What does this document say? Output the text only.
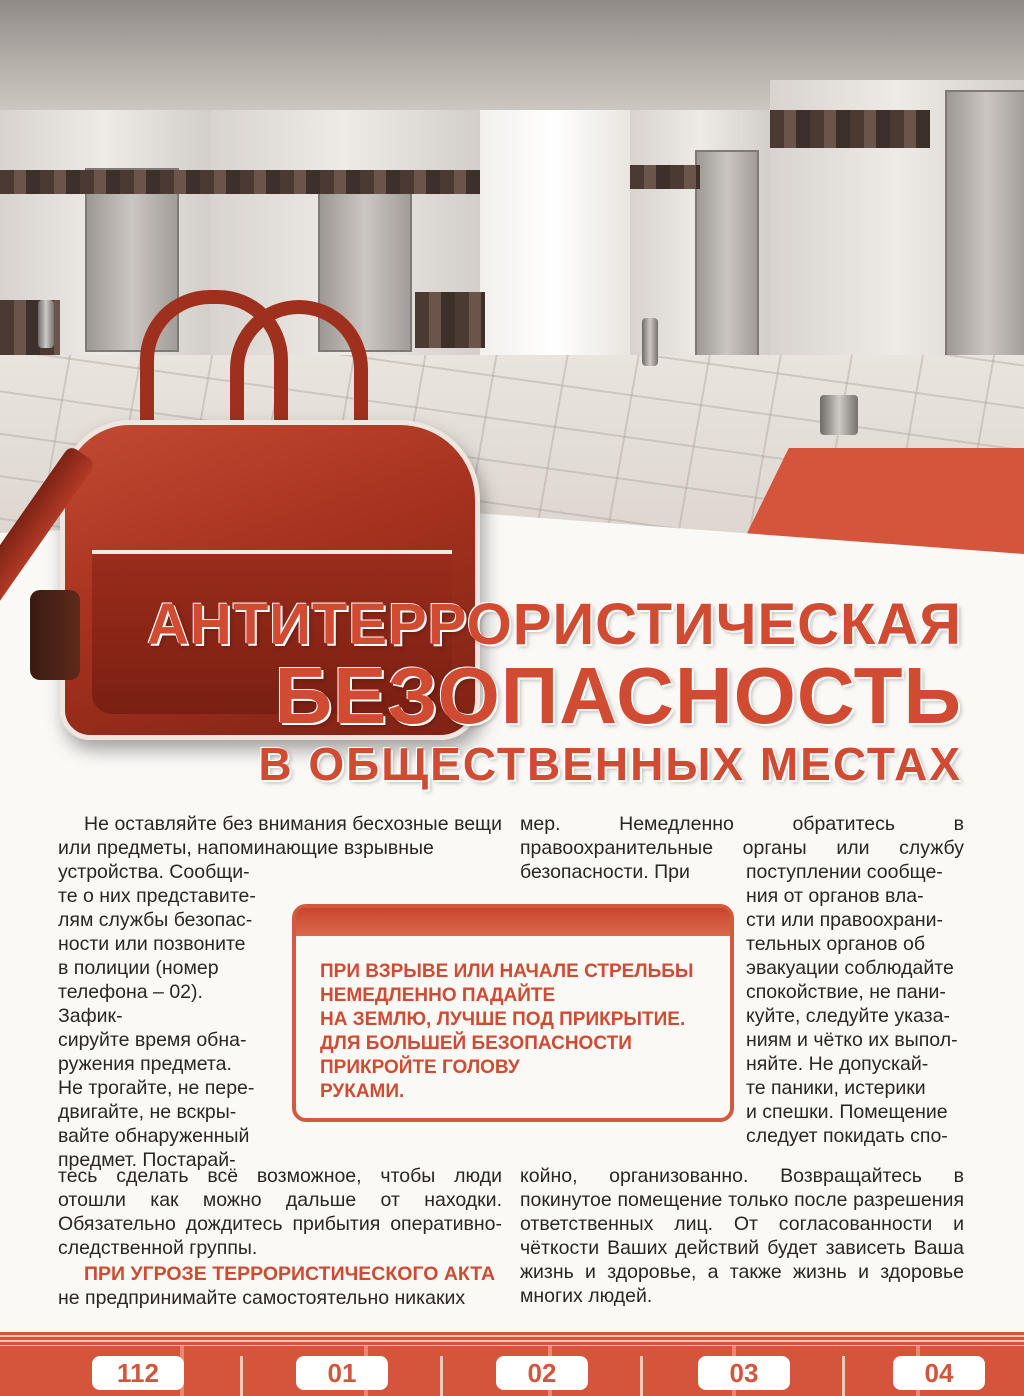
АНТИТЕРРОРИСТИЧЕСКАЯ
БЕЗОПАСНОСТЬ
В ОБЩЕСТВЕННЫХ МЕСТАХ

Не оставляйте без внимания бесхозные вещи или предметы, напоминающие взрывные

устройства. Сообщи-

те о них представите-

лям службы безопас-

ности или позвоните

в полиции (номер

телефона – 02). Зафик-

сируйте время обна-

ружения предмета.

Не трогайте, не пере-

двигайте, не вскры-

вайте обнаруженный

предмет. Постарай-

тесь сделать всё возможное, чтобы люди отошли как можно дальше от находки. Обязательно дождитесь прибытия оперативно-следственной группы.

ПРИ УГРОЗЕ ТЕРРОРИСТИЧЕСКОГО АКТА

не предпринимайте самостоятельно никаких

мер. Немедленно обратитесь в правоохранительные органы или службу безопасности. При	поступлении сообще-

ния от органов вла-

сти или правоохрани-

тельных органов об

эвакуации соблюдайте

спокойствие, не пани-

куйте, следуйте указа-

ниям и чётко их выпол-

няйте. Не допускай-

те паники, истерики

и спешки. Помещение

следует покидать спо-

койно, организованно. Возвращайтесь в покинутое помещение только после разрешения ответственных лиц. От согласованности и чёткости Ваших действий будет зависеть Ваша жизнь и здоровье, а также жизнь и здоровье многих людей.

ПРИ ВЗРЫВЕ ИЛИ НАЧАЛЕ СТРЕЛЬБЫ
НЕМЕДЛЕННО ПАДАЙТЕ
НА ЗЕМЛЮ, ЛУЧШЕ ПОД ПРИКРЫТИЕ.
ДЛЯ БОЛЬШЕЙ БЕЗОПАСНОСТИ
ПРИКРОЙТЕ ГОЛОВУ
РУКАМИ.
112	01	02	03	04
